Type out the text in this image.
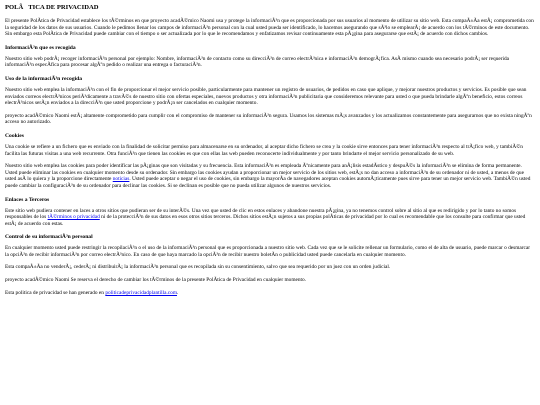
POLÃ   TICA DE PRIVACIDAD

El presente PolÃtica de Privacidad establece los tÃ©rminos en que proyecto acadÃ©mico Naomi usa y protege la informaciÃ³n que es proporcionada por sus usuarios al momento de utilizar su sitio web. Esta compaÃ±Ãa estÃ¡ comprometida con la seguridad de los datos de sus usuarios. Cuando le pedimos llenar los campos de informaciÃ³n personal con la cual usted pueda ser identificado, lo hacemos asegurando que sÃ³lo se emplearÃ¡ de acuerdo con los tÃ©rminos de este documento. Sin embargo esta PolÃtica de Privacidad puede cambiar con el tiempo o ser actualizada por lo que le recomendamos y enfatizamos revisar continuamente esta pÃ¡gina para asegurarse que estÃ¡ de acuerdo con dichos cambios.

InformaciÃ³n que es recogida

Nuestro sitio web podrÃ¡ recoger informaciÃ³n personal por ejemplo: Nombre, informaciÃ³n de contacto como su direcciÃ³n de correo electrÃ³nica e informaciÃ³n demogrÃ¡fica. AsÃ mismo cuando sea necesario podrÃ¡ ser requerida informaciÃ³n especÃfica para procesar algÃºn pedido o realizar una entrega o facturaciÃ³n.

Uso de la informaciÃ³n recogida

Nuestro sitio web emplea la informaciÃ³n con el fin de proporcionar el mejor servicio posible, particularmente para mantener un registro de usuarios, de pedidos en caso que aplique, y mejorar nuestros productos y servicios. Es posible que sean enviados correos electrÃ³nicos periÃ³dicamente a travÃ©s de nuestro sitio con ofertas especiales, nuevos productos y otra informaciÃ³n publicitaria que consideremos relevante para usted o que pueda brindarle algÃºn beneficio, estos correos electrÃ³nicos serÃ¡n enviados a la direcciÃ³n que usted proporcione y podrÃ¡n ser cancelados en cualquier momento.

proyecto acadÃ©mico Naomi estÃ¡ altamente comprometido para cumplir con el compromiso de mantener su informaciÃ³n segura. Usamos los sistemas mÃ¡s avanzados y los actualizamos constantemente para asegurarnos que no exista ningÃºn acceso no autorizado.

Cookies

Una cookie se refiere a un fichero que es enviado con la finalidad de solicitar permiso para almacenarse en su ordenador, al aceptar dicho fichero se crea y la cookie sirve entonces para tener informaciÃ³n respecto al trÃ¡fico web, y tambiÃ©n facilita las futuras visitas a una web recurrente. Otra funciÃ³n que tienen las cookies es que con ellas las web pueden reconocerte individualmente y por tanto brindarte el mejor servicio personalizado de su web.

Nuestro sitio web emplea las cookies para poder identificar las pÃ¡ginas que son visitadas y su frecuencia. Esta informaciÃ³n es empleada Ãºnicamente para anÃ¡lisis estadÃstico y despuÃ©s la informaciÃ³n se elimina de forma permanente. Usted puede eliminar las cookies en cualquier momento desde su ordenador. Sin embargo las cookies ayudan a proporcionar un mejor servicio de los sitios web, estÃ¡s no dan acceso a informaciÃ³n de su ordenador ni de usted, a menos de que usted asÃ lo quiera y la proporcione directamente noticias. Usted puede aceptar o negar el uso de cookies, sin embargo la mayorÃa de navegadores aceptan cookies automÃ¡ticamente pues sirve para tener un mejor servicio web. TambiÃ©n usted puede cambiar la configuraciÃ³n de su ordenador para declinar las cookies. Si se declinan es posible que no pueda utilizar algunos de nuestros servicios.

Enlaces a Terceros

Este sitio web pudiera contener en laces a otros sitios que pudieran ser de su interÃ©s. Una vez que usted de clic en estos enlaces y abandone nuestra pÃ¡gina, ya no tenemos control sobre al sitio al que es redirigido y por lo tanto no somos responsables de los tÃ©rminos o privacidad ni de la protecciÃ³n de sus datos en esos otros sitios terceros. Dichos sitios estÃ¡n sujetos a sus propias polÃticas de privacidad por lo cual es recomendable que los consulte para confirmar que usted estÃ¡ de acuerdo con estas.

Control de su informaciÃ³n personal

En cualquier momento usted puede restringir la recopilaciÃ³n o el uso de la informaciÃ³n personal que es proporcionada a nuestro sitio web. Cada vez que se le solicite rellenar un formulario, como el de alta de usuario, puede marcar o desmarcar la opciÃ³n de recibir informaciÃ³n por correo electrÃ³nico. En caso de que haya marcado la opciÃ³n de recibir nuestro boletÃn o publicidad usted puede cancelarla en cualquier momento.

Esta compaÃ±Ãa no venderÃ¡, cederÃ¡ ni distribuirÃ¡ la informaciÃ³n personal que es recopilada sin su consentimiento, salvo que sea requerido por un juez con un orden judicial.

proyecto acadÃ©mico Naomi Se reserva el derecho de cambiar los tÃ©rminos de la presente PolÃtica de Privacidad en cualquier momento.

Esta politica de privacidad se han generado en politicadeprivacidadplantilla.com.
